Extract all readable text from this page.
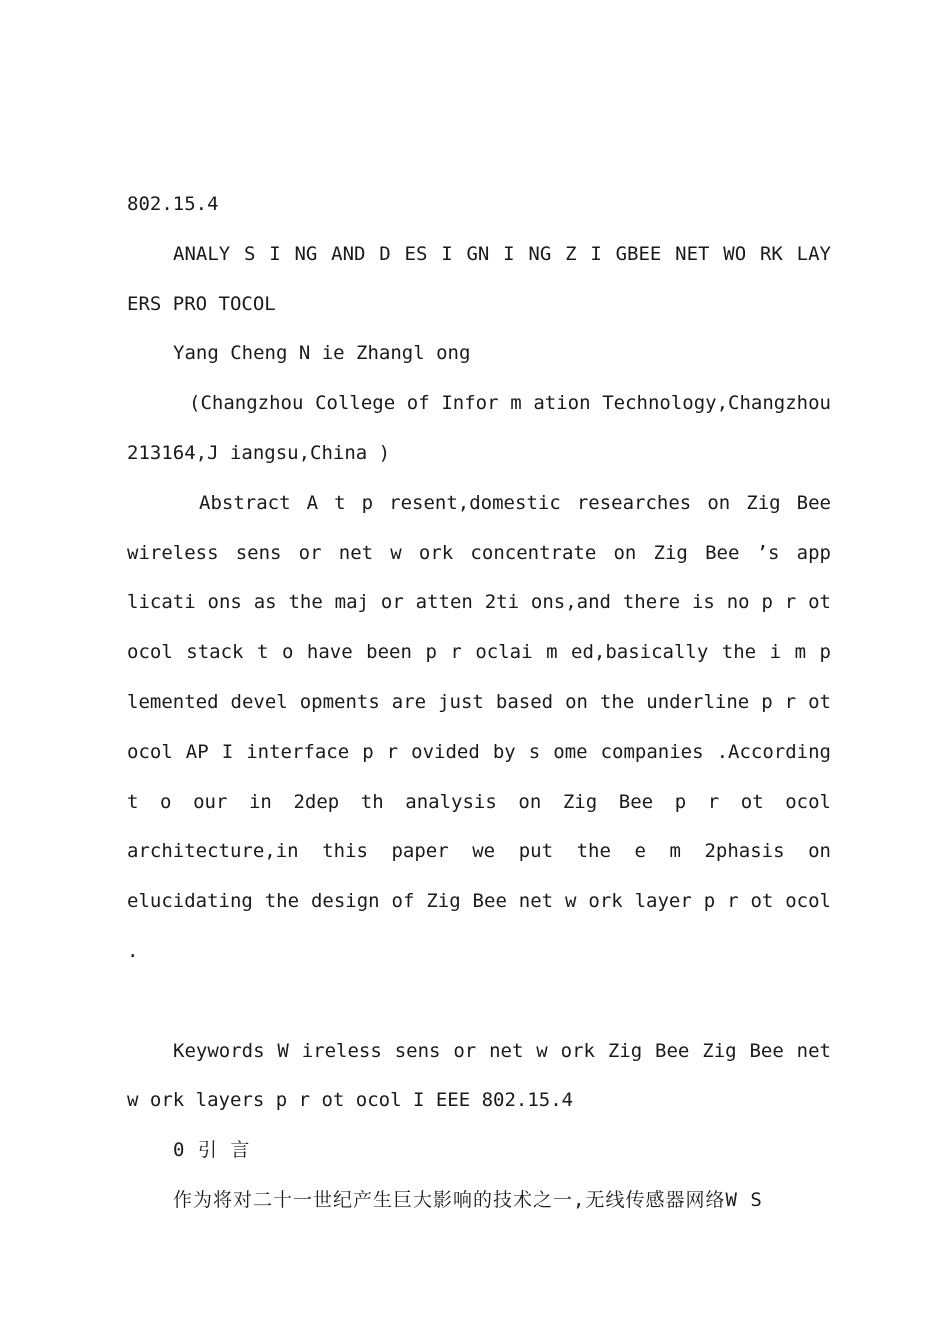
802.15.4

ANALY S I NG AND D ES I GN I NG Z I GBEE NET WO RK LAY ERS PRO TOCOL

Yang Cheng N ie Zhangl ong

(Changzhou College of Infor m ation Technology,Changzhou 213164,J iangsu,China )

Abstract A t p resent,domestic researches on Zig Bee wireless sens or net w ork concentrate on Zig Bee ’s app licati ons as the maj or atten 2ti ons,and there is no p r ot ocol stack t o have been p r oclai m ed,basically the i m p lemented devel opments are just based on the underline p r ot ocol AP I interface p r ovided by s ome companies .According t o our in 2dep th analysis on Zig Bee p r ot ocol architecture,in this paper we put the e m 2phasis on elucidating the design of Zig Bee net w ork layer p r ot ocol .

Keywords W ireless sens or net w ork Zig Bee Zig Bee net w ork layers p r ot ocol I EEE 802.15.4

0 引 言

作为将对二十一世纪产生巨大影响的技术之一,无线传感器网络W S
